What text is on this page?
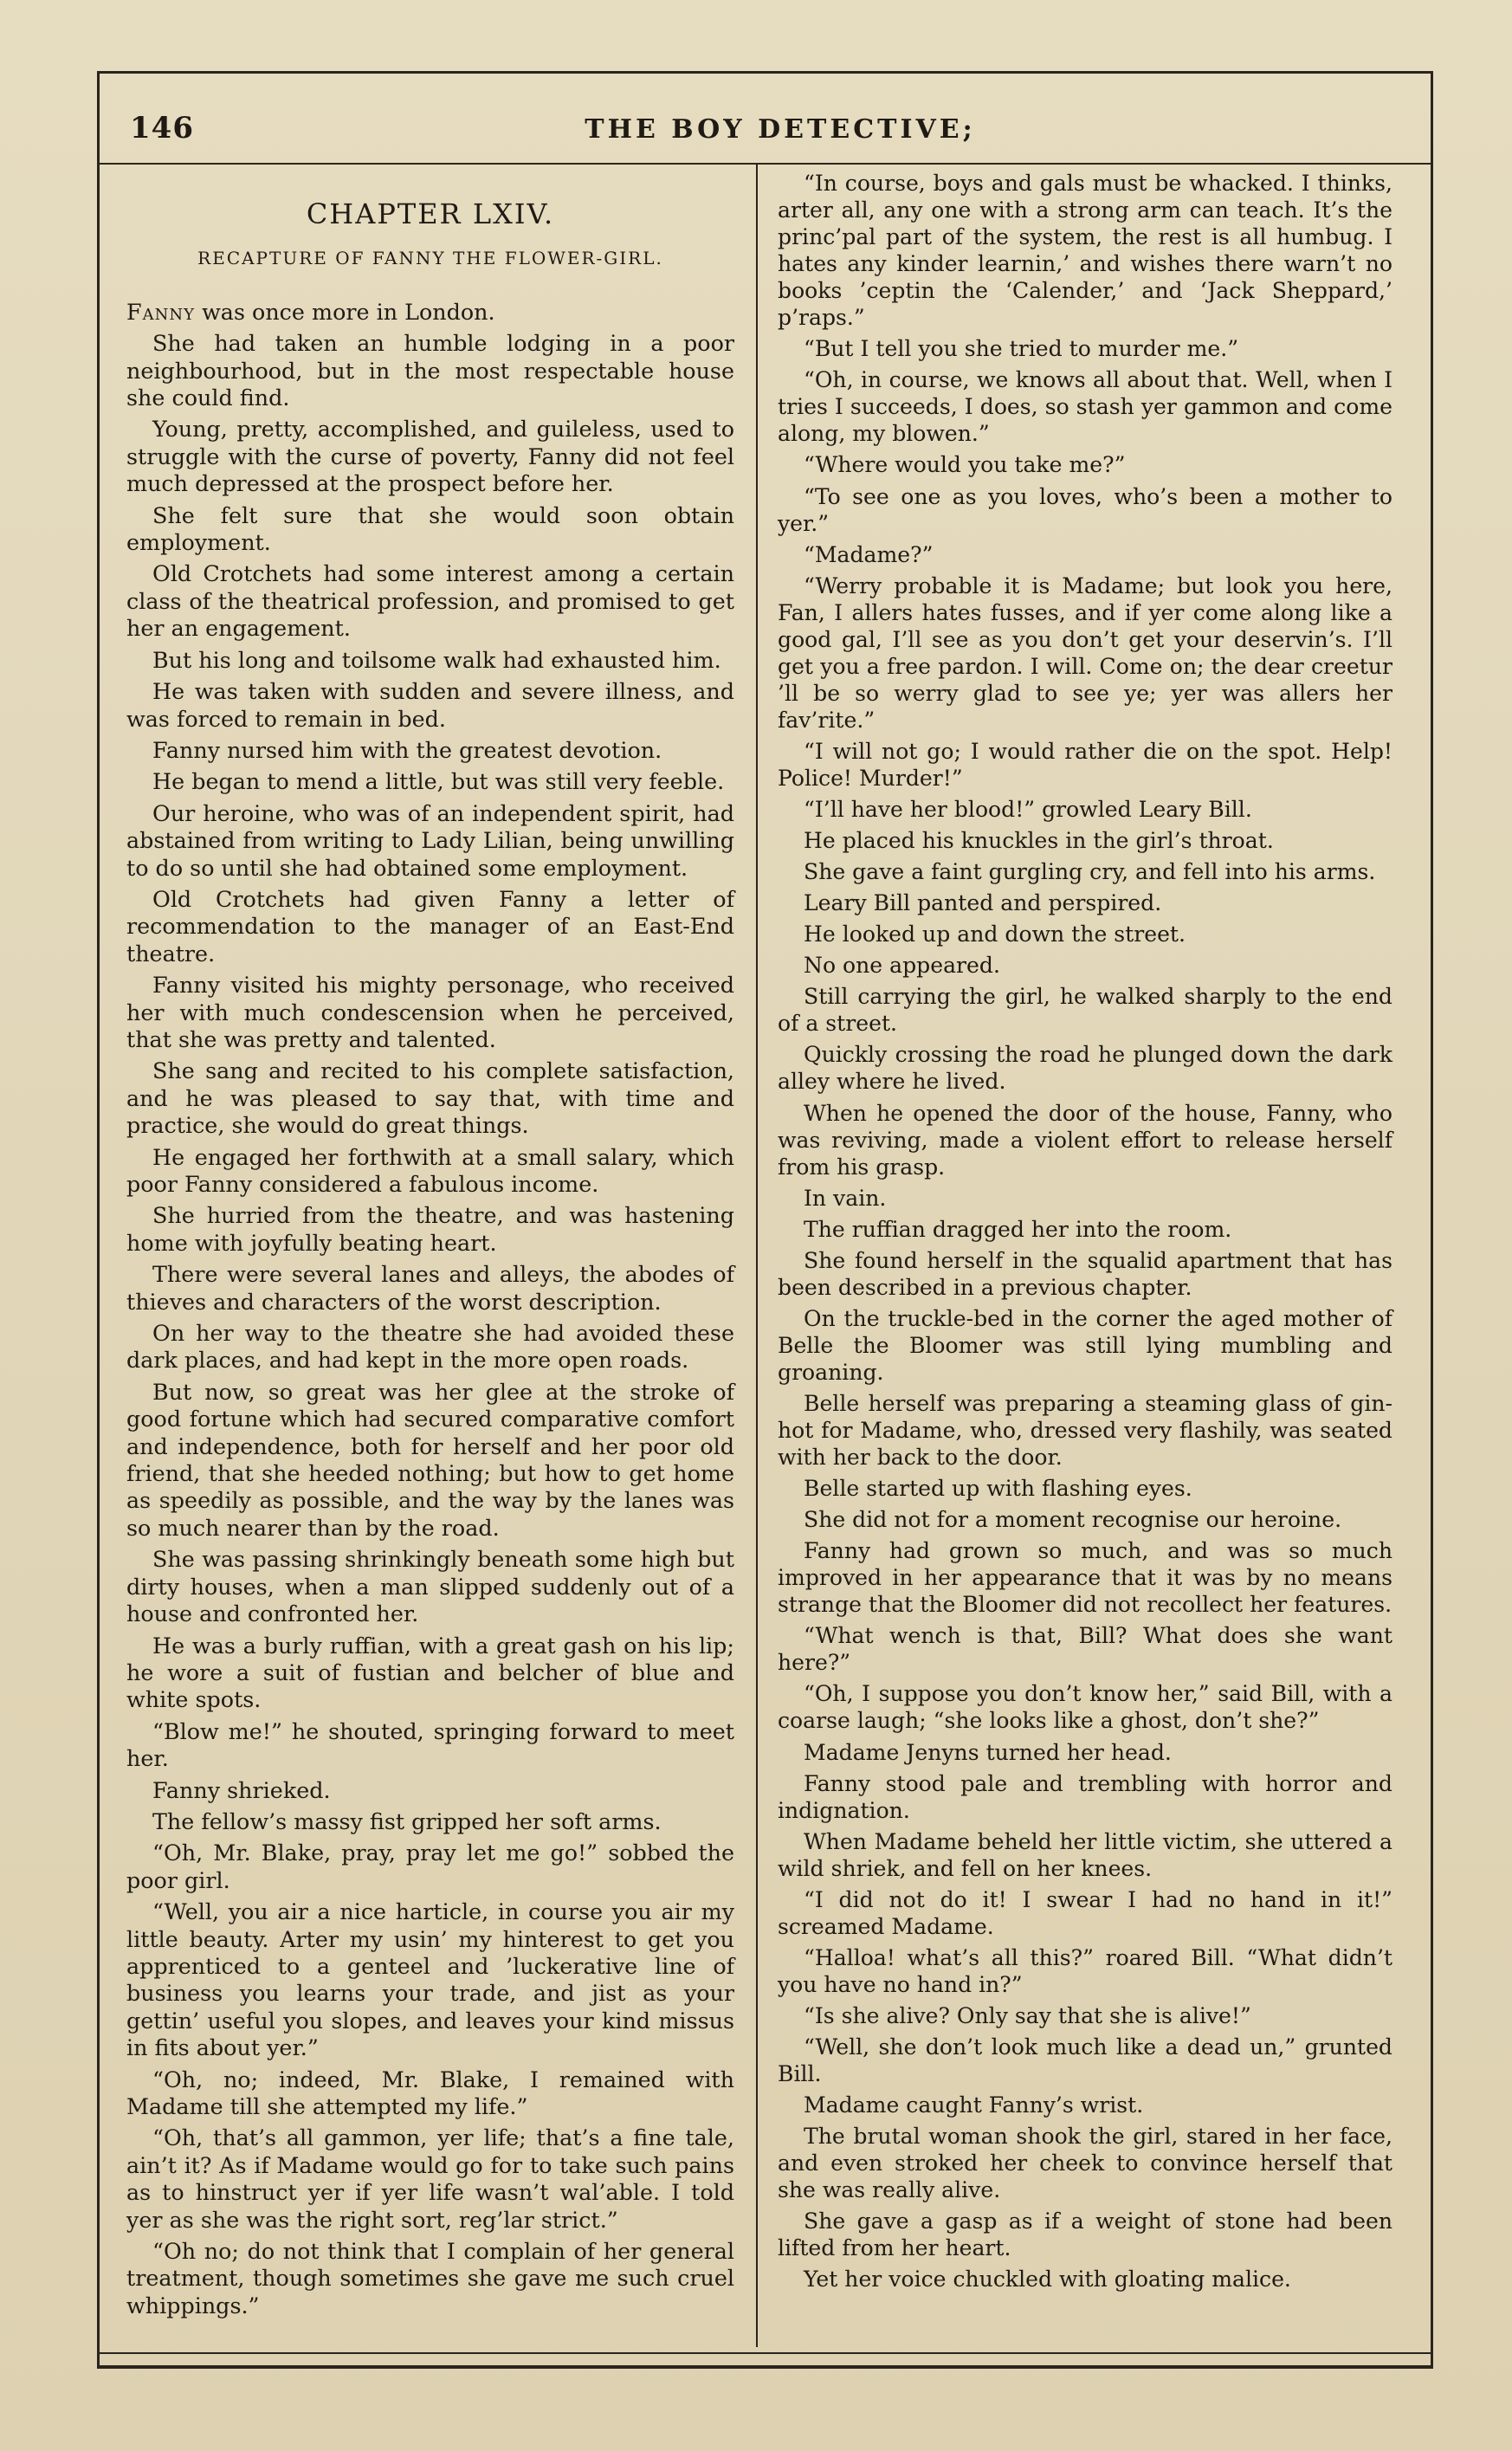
146	THE BOY DETECTIVE;
CHAPTER LXIV.
RECAPTURE OF FANNY THE FLOWER-GIRL.

Fanny was once more in London.

She had taken an humble lodging in a poor neighbourhood, but in the most respectable house she could find.

Young, pretty, accomplished, and guileless, used to struggle with the curse of poverty, Fanny did not feel much depressed at the prospect before her.

She felt sure that she would soon obtain employment.

Old Crotchets had some interest among a certain class of the theatrical profession, and promised to get her an engagement.

But his long and toilsome walk had exhausted him.

He was taken with sudden and severe illness, and was forced to remain in bed.

Fanny nursed him with the greatest devotion.

He began to mend a little, but was still very feeble.

Our heroine, who was of an independent spirit, had abstained from writing to Lady Lilian, being unwilling to do so until she had obtained some employment.

Old Crotchets had given Fanny a letter of recommendation to the manager of an East-End theatre.

Fanny visited his mighty personage, who received her with much condescension when he perceived, that she was pretty and talented.

She sang and recited to his complete satisfaction, and he was pleased to say that, with time and practice, she would do great things.

He engaged her forthwith at a small salary, which poor Fanny considered a fabulous income.

She hurried from the theatre, and was hastening home with joyfully beating heart.

There were several lanes and alleys, the abodes of thieves and characters of the worst description.

On her way to the theatre she had avoided these dark places, and had kept in the more open roads.

But now, so great was her glee at the stroke of good fortune which had secured comparative comfort and independence, both for herself and her poor old friend, that she heeded nothing; but how to get home as speedily as possible, and the way by the lanes was so much nearer than by the road.

She was passing shrinkingly beneath some high but dirty houses, when a man slipped suddenly out of a house and confronted her.

He was a burly ruffian, with a great gash on his lip; he wore a suit of fustian and belcher of blue and white spots.

“Blow me!” he shouted, springing forward to meet her.

Fanny shrieked.

The fellow’s massy fist gripped her soft arms.

“Oh, Mr. Blake, pray, pray let me go!” sobbed the poor girl.

“Well, you air a nice harticle, in course you air my little beauty. Arter my usin’ my hinterest to get you apprenticed to a genteel and ’luckerative line of business you learns your trade, and jist as your gettin’ useful you slopes, and leaves your kind missus in fits about yer.”

“Oh, no; indeed, Mr. Blake, I remained with Madame till she attempted my life.”

“Oh, that’s all gammon, yer life; that’s a fine tale, ain’t it? As if Madame would go for to take such pains as to hinstruct yer if yer life wasn’t wal’able. I told yer as she was the right sort, reg’lar strict.”

“Oh no; do not think that I complain of her general treatment, though sometimes she gave me such cruel whippings.”

“In course, boys and gals must be whacked. I thinks, arter all, any one with a strong arm can teach. It’s the princ’pal part of the system, the rest is all humbug. I hates any kinder learnin,’ and wishes there warn’t no books ’ceptin the ‘Calender,’ and ‘Jack Sheppard,’ p’raps.”

“But I tell you she tried to murder me.”

“Oh, in course, we knows all about that. Well, when I tries I succeeds, I does, so stash yer gammon and come along, my blowen.”

“Where would you take me?”

“To see one as you loves, who’s been a mother to yer.”

“Madame?”

“Werry probable it is Madame; but look you here, Fan, I allers hates fusses, and if yer come along like a good gal, I’ll see as you don’t get your deservin’s. I’ll get you a free pardon. I will. Come on; the dear creetur ’ll be so werry glad to see ye; yer was allers her fav’rite.”

“I will not go; I would rather die on the spot. Help! Police! Murder!”

“I’ll have her blood!” growled Leary Bill.

He placed his knuckles in the girl’s throat.

She gave a faint gurgling cry, and fell into his arms.

Leary Bill panted and perspired.

He looked up and down the street.

No one appeared.

Still carrying the girl, he walked sharply to the end of a street.

Quickly crossing the road he plunged down the dark alley where he lived.

When he opened the door of the house, Fanny, who was reviving, made a violent effort to release herself from his grasp.

In vain.

The ruffian dragged her into the room.

She found herself in the squalid apartment that has been described in a previous chapter.

On the truckle-bed in the corner the aged mother of Belle the Bloomer was still lying mumbling and groaning.

Belle herself was preparing a steaming glass of gin-hot for Madame, who, dressed very flashily, was seated with her back to the door.

Belle started up with flashing eyes.

She did not for a moment recognise our heroine.

Fanny had grown so much, and was so much improved in her appearance that it was by no means strange that the Bloomer did not recollect her features.

“What wench is that, Bill? What does she want here?”

“Oh, I suppose you don’t know her,” said Bill, with a coarse laugh; “she looks like a ghost, don’t she?”

Madame Jenyns turned her head.

Fanny stood pale and trembling with horror and indignation.

When Madame beheld her little victim, she uttered a wild shriek, and fell on her knees.

“I did not do it! I swear I had no hand in it!” screamed Madame.

“Halloa! what’s all this?” roared Bill. “What didn’t you have no hand in?”

“Is she alive? Only say that she is alive!”

“Well, she don’t look much like a dead un,” grunted Bill.

Madame caught Fanny’s wrist.

The brutal woman shook the girl, stared in her face, and even stroked her cheek to convince herself that she was really alive.

She gave a gasp as if a weight of stone had been lifted from her heart.

Yet her voice chuckled with gloating malice.
